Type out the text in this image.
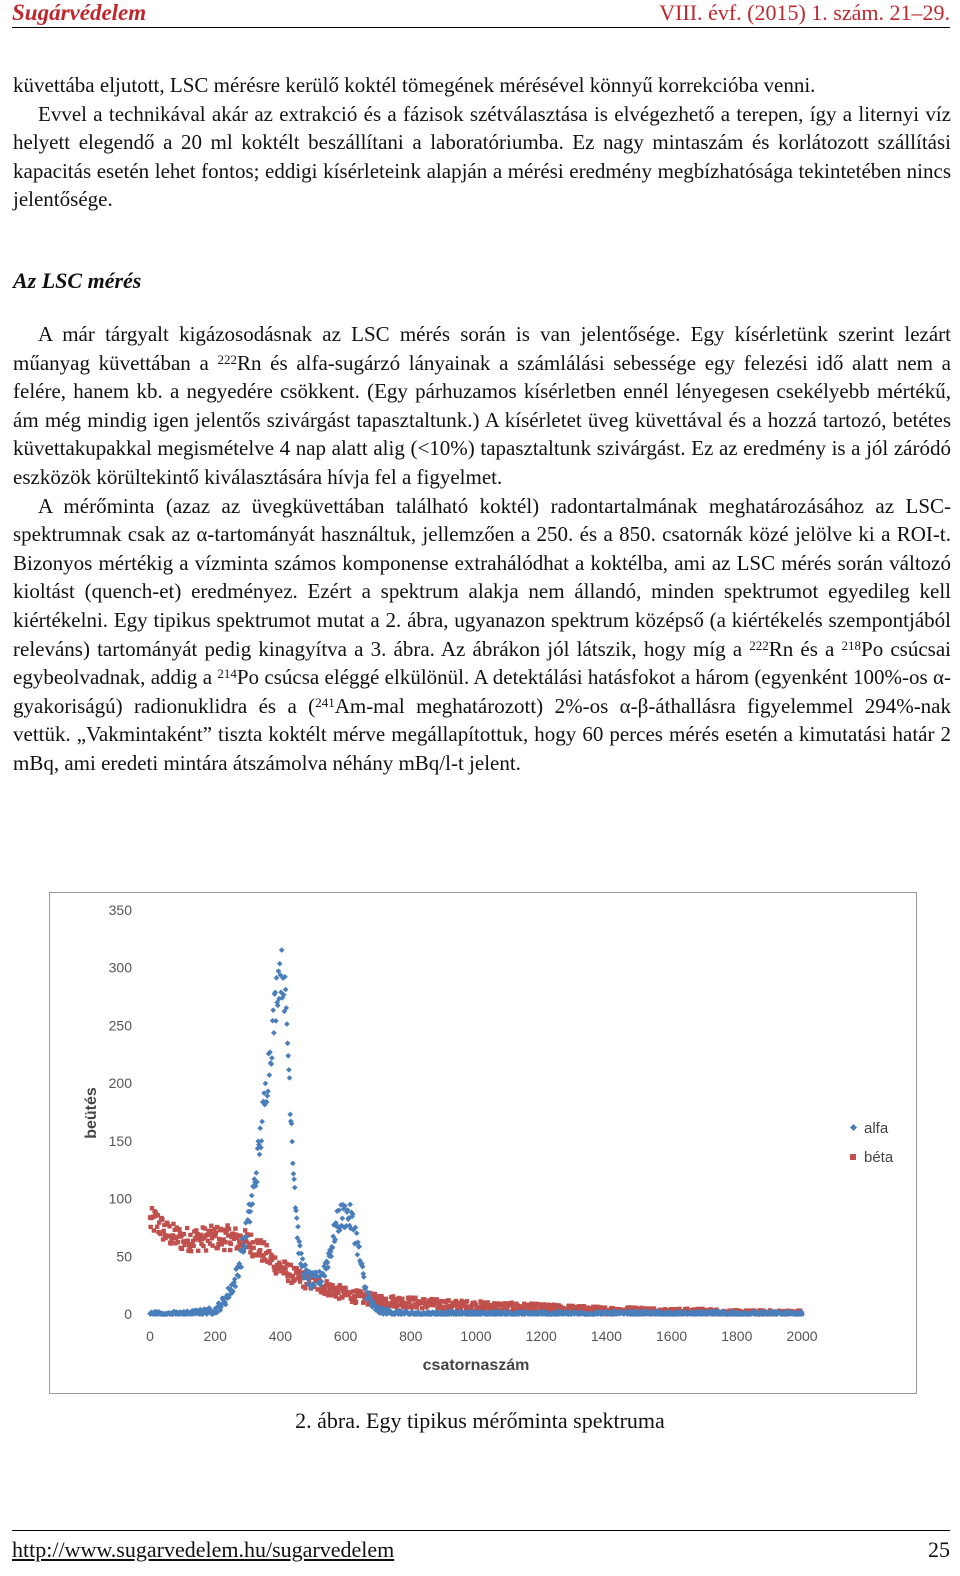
Sugárvédelem	VIII. évf. (2015) 1. szám. 21–29.

küvettába eljutott, LSC mérésre kerülő koktél tömegének mérésével könnyű korrekcióba venni.

Evvel a technikával akár az extrakció és a fázisok szétválasztása is elvégezhető a terepen, így a liternyi víz helyett elegendő a 20 ml koktélt beszállítani a laboratóriumba. Ez nagy mintaszám és korlátozott szállítási kapacitás esetén lehet fontos; eddigi kísérleteink alapján a mérési eredmény megbízhatósága tekintetében nincs jelentősége.

Az LSC mérés

A már tárgyalt kigázosodásnak az LSC mérés során is van jelentősége. Egy kísérletünk szerint lezárt műanyag küvettában a $^{222}$Rn és alfa-sugárzó lányainak a számlálási sebessége egy felezési idő alatt nem a felére, hanem kb. a negyedére csökkent. (Egy párhuzamos kísérletben ennél lényegesen csekélyebb mértékű, ám még mindig igen jelentős szivárgást tapasztaltunk.) A kísérletet üveg küvettával és a hozzá tartozó, betétes küvettakupakkal megismételve 4 nap alatt alig (<10%) tapasztaltunk szivárgást. Ez az eredmény is a jól záródó eszközök körültekintő kiválasztására hívja fel a figyelmet.

A mérőminta (azaz az üvegküvettában található koktél) radontartalmának meghatározásához az LSC-spektrumnak csak az α-tartományát használtuk, jellemzően a 250. és a 850. csatornák közé jelölve ki a ROI-t. Bizonyos mértékig a vízminta számos komponense extrahálódhat a koktélba, ami az LSC mérés során változó kioltást (quench-et) eredményez. Ezért a spektrum alakja nem állandó, minden spektrumot egyedileg kell kiértékelni. Egy tipikus spektrumot mutat a 2. ábra, ugyanazon spektrum középső (a kiértékelés szempontjából releváns) tartományát pedig kinagyítva a 3. ábra. Az ábrákon jól látszik, hogy míg a $^{222}$Rn és a $^{218}$Po csúcsai egybeolvadnak, addig a $^{214}$Po csúcsa eléggé elkülönül. A detektálási hatásfokot a három (egyenként 100%-os α-gyakoriságú) radionuklidra és a ($^{241}$Am-mal meghatározott) 2%-os α-β-áthallásra figyelemmel 294%-nak vettük. „Vakmintaként” tiszta koktélt mérve megállapítottuk, hogy 60 perces mérés esetén a kimutatási határ 2 mBq, ami eredeti mintára átszámolva néhány mBq/l-t jelent.

0
50
100
150
200
250
300
350
0	200	400	600	800	1000 1200 1400 1600 1800 2000
alfa
béta
csatornaszám
beütés
2. ábra. Egy tipikus mérőminta spektruma
http://www.sugarvedelem.hu/sugarvedelem	25
